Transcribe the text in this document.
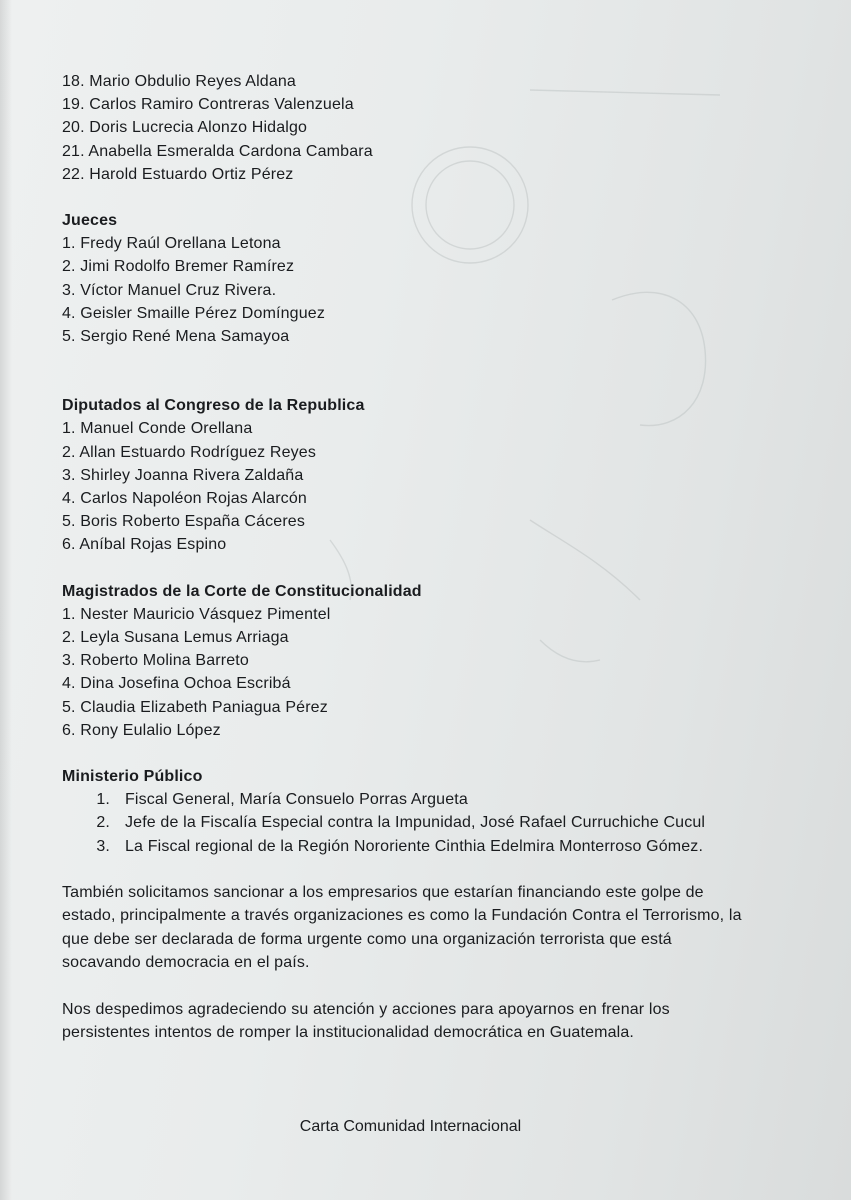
18. Mario Obdulio Reyes Aldana
19. Carlos Ramiro Contreras Valenzuela
20. Doris Lucrecia Alonzo Hidalgo
21. Anabella Esmeralda Cardona Cambara
22. Harold Estuardo Ortiz Pérez
Jueces
1. Fredy Raúl Orellana Letona
2. Jimi Rodolfo Bremer Ramírez
3. Víctor Manuel Cruz Rivera.
4. Geisler Smaille Pérez Domínguez
5. Sergio René Mena Samayoa
Diputados al Congreso de la Republica
1. Manuel Conde Orellana
2. Allan Estuardo Rodríguez Reyes
3. Shirley Joanna Rivera Zaldaña
4. Carlos Napoléon Rojas Alarcón
5. Boris Roberto España Cáceres
6. Aníbal Rojas Espino
Magistrados de la Corte de Constitucionalidad
1. Nester Mauricio Vásquez Pimentel
2. Leyla Susana Lemus Arriaga
3. Roberto Molina Barreto
4. Dina Josefina Ochoa Escribá
5. Claudia Elizabeth Paniagua Pérez
6. Rony Eulalio López
Ministerio Público
1. Fiscal General, María Consuelo Porras Argueta
2. Jefe de la Fiscalía Especial contra la Impunidad, José Rafael Curruchiche Cucul
3. La Fiscal regional de la Región Nororiente Cinthia Edelmira Monterroso Gómez.

También solicitamos sancionar a los empresarios que estarían financiando este golpe de estado, principalmente a través organizaciones es como la Fundación Contra el Terrorismo, la que debe ser declarada de forma urgente como una organización terrorista que está socavando democracia en el país.

Nos despedimos agradeciendo su atención y acciones para apoyarnos en frenar los persistentes intentos de romper la institucionalidad democrática en Guatemala.

Carta Comunidad Internacional
